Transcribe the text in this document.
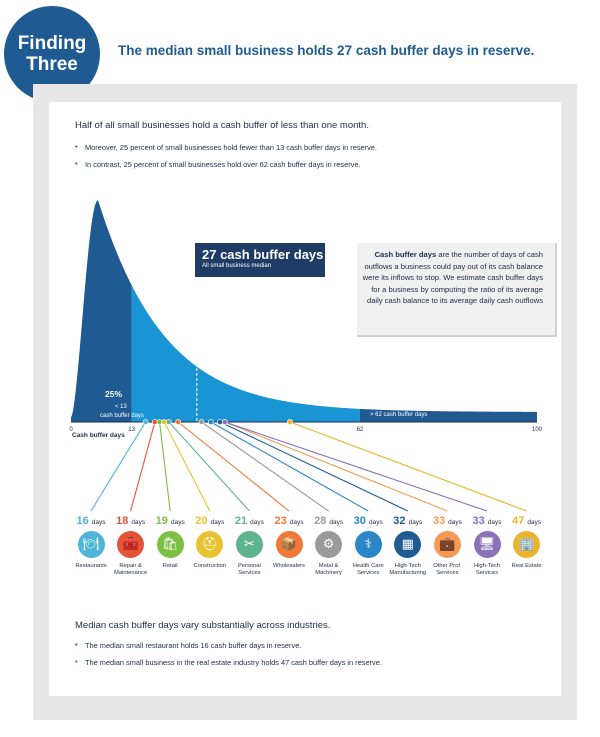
Finding
Three
The median small business holds 27 cash buffer days in reserve.
Half of all small businesses hold a cash buffer of less than one month.
• Moreover, 25 percent of small businesses hold fewer than 13 cash buffer days in reserve.
• In contrast, 25 percent of small businesses hold over 62 cash buffer days in reserve.
0	13	62	100
25%
< 13
cash buffer days
25%
> 62 cash buffer days
27 cash buffer days
All small business median
Cash buffer days are the number of days of cash outflows a business could pay out of its cash balance were its inflows to stop. We estimate cash buffer days for a business by computing the ratio of its average daily cash balance to its average daily cash outflows
Cash buffer days
16 days
🍽
Restaurants
18 days
🧰
Repair & Maintenance
19 days
🛍
Retail
20 days
⛑
Construction
21 days
✂
Personal Services
23 days
📦
Wholesalers
28 days
⚙
Metal & Machinery
30 days
⚕
Health Care Services
32 days
▦
High-Tech Manufacturing
33 days
💼
Other Prof. Services
33 days
🖥
High-Tech Services
47 days
🏢
Real Estate
Median cash buffer days vary substantially across industries.
• The median small restaurant holds 16 cash buffer days in reserve.
• The median small business in the real estate industry holds 47 cash buffer days in reserve.
